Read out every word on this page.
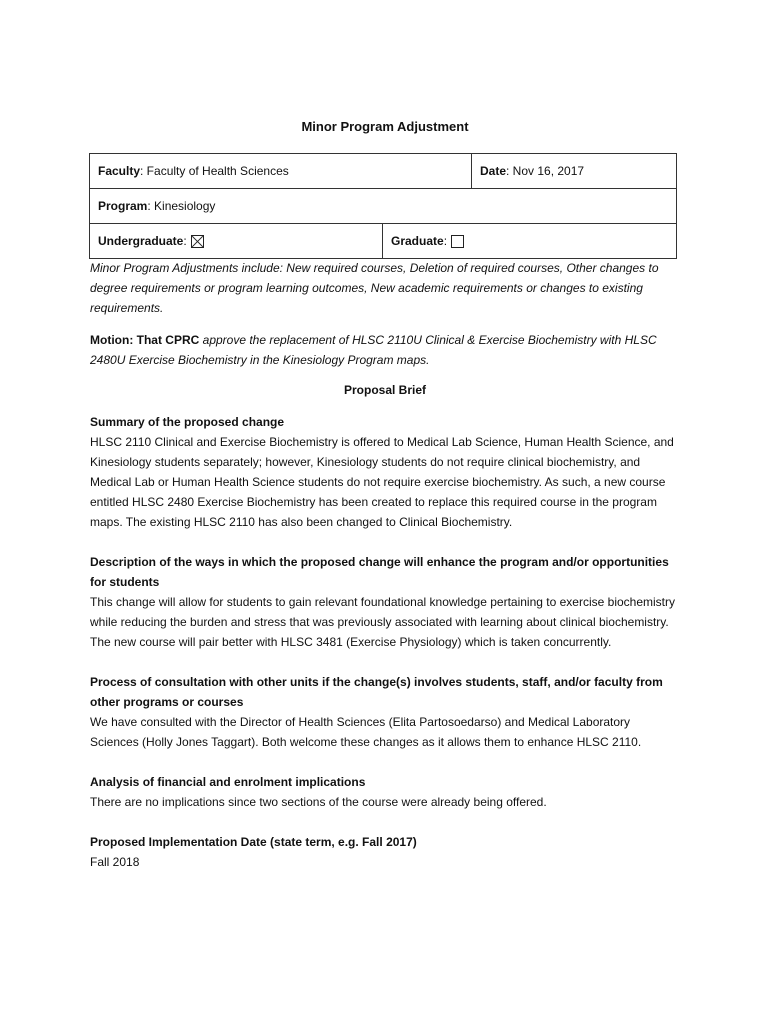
Minor Program Adjustment
Faculty: Faculty of Health Sciences		Date: Nov 16, 2017
Program: Kinesiology		
Undergraduate:	Graduate:	

Minor Program Adjustments include: New required courses, Deletion of required courses, Other changes to degree requirements or program learning outcomes, New academic requirements or changes to existing requirements.

Motion: That CPRC approve the replacement of HLSC 2110U Clinical & Exercise Biochemistry with HLSC 2480U Exercise Biochemistry in the Kinesiology Program maps.

Proposal Brief
Summary of the proposed change

HLSC 2110 Clinical and Exercise Biochemistry is offered to Medical Lab Science, Human Health Science, and Kinesiology students separately; however, Kinesiology students do not require clinical biochemistry, and Medical Lab or Human Health Science students do not require exercise biochemistry. As such, a new course entitled HLSC 2480 Exercise Biochemistry has been created to replace this required course in the program maps. The existing HLSC 2110 has also been changed to Clinical Biochemistry.

Description of the ways in which the proposed change will enhance the program and/or opportunities for students

This change will allow for students to gain relevant foundational knowledge pertaining to exercise biochemistry while reducing the burden and stress that was previously associated with learning about clinical biochemistry. The new course will pair better with HLSC 3481 (Exercise Physiology) which is taken concurrently.

Process of consultation with other units if the change(s) involves students, staff, and/or faculty from other programs or courses

We have consulted with the Director of Health Sciences (Elita Partosoedarso) and Medical Laboratory Sciences (Holly Jones Taggart). Both welcome these changes as it allows them to enhance HLSC 2110.

Analysis of financial and enrolment implications

There are no implications since two sections of the course were already being offered.

Proposed Implementation Date (state term, e.g. Fall 2017)

Fall 2018
